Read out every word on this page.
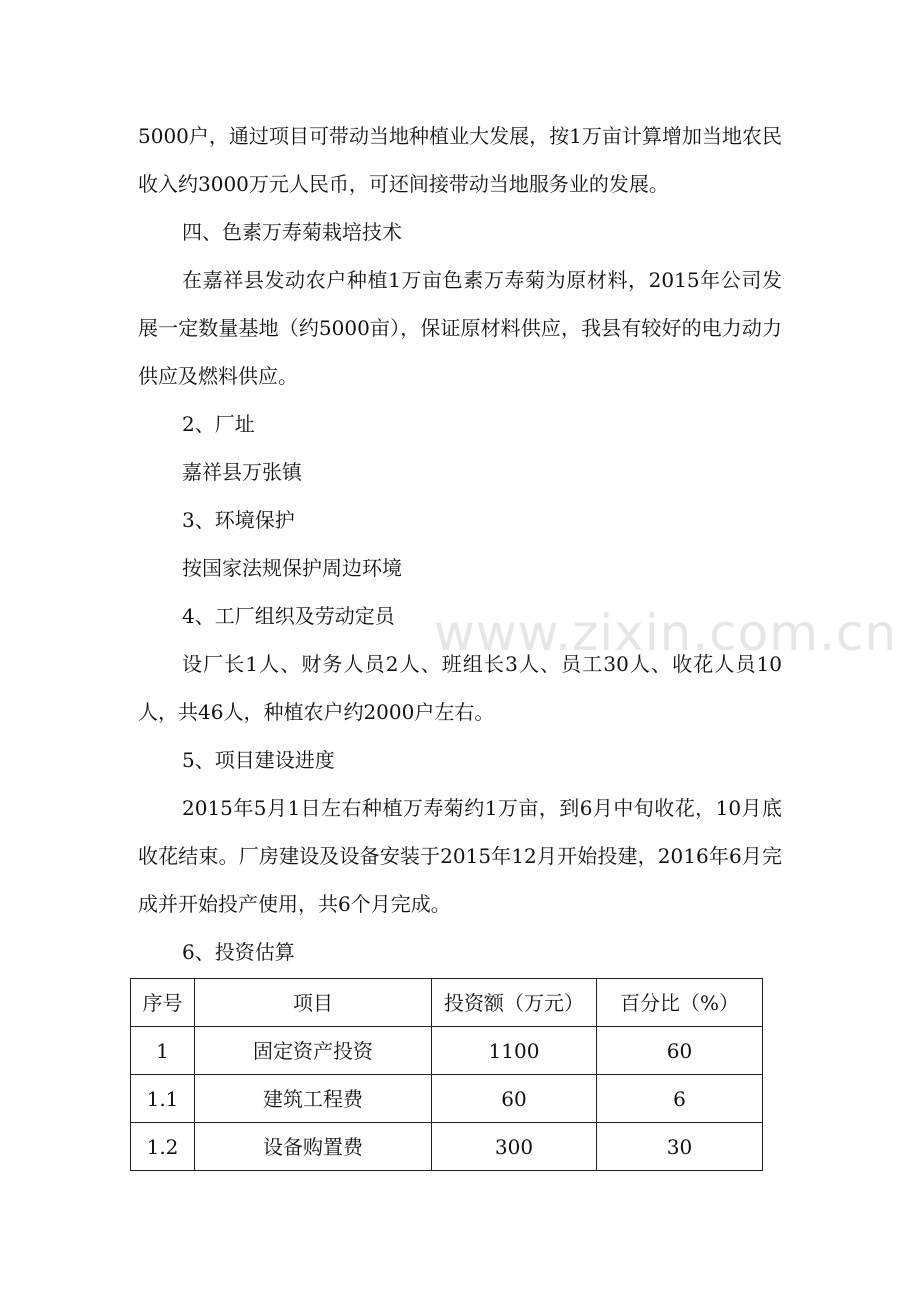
5000户，通过项目可带动当地种植业大发展，按1万亩计算增加当地农民收入约3000万元人民币，可还间接带动当地服务业的发展。

四、色素万寿菊栽培技术

在嘉祥县发动农户种植1万亩色素万寿菊为原材料，2015年公司发展一定数量基地（约5000亩），保证原材料供应，我县有较好的电力动力供应及燃料供应。

2、厂址

嘉祥县万张镇

3、环境保护

按国家法规保护周边环境

4、工厂组织及劳动定员

设厂长1人、财务人员2人、班组长3人、员工30人、收花人员10人，共46人，种植农户约2000户左右。

5、项目建设进度

2015年5月1日左右种植万寿菊约1万亩，到6月中旬收花，10月底收花结束。厂房建设及设备安装于2015年12月开始投建，2016年6月完成并开始投产使用，共6个月完成。

6、投资估算

序号	项目	投资额（万元）	百分比（%）
1	固定资产投资	1100	60
1.1	建筑工程费	60	6
1.2	设备购置费	300	30
www.zixin.com.cn
